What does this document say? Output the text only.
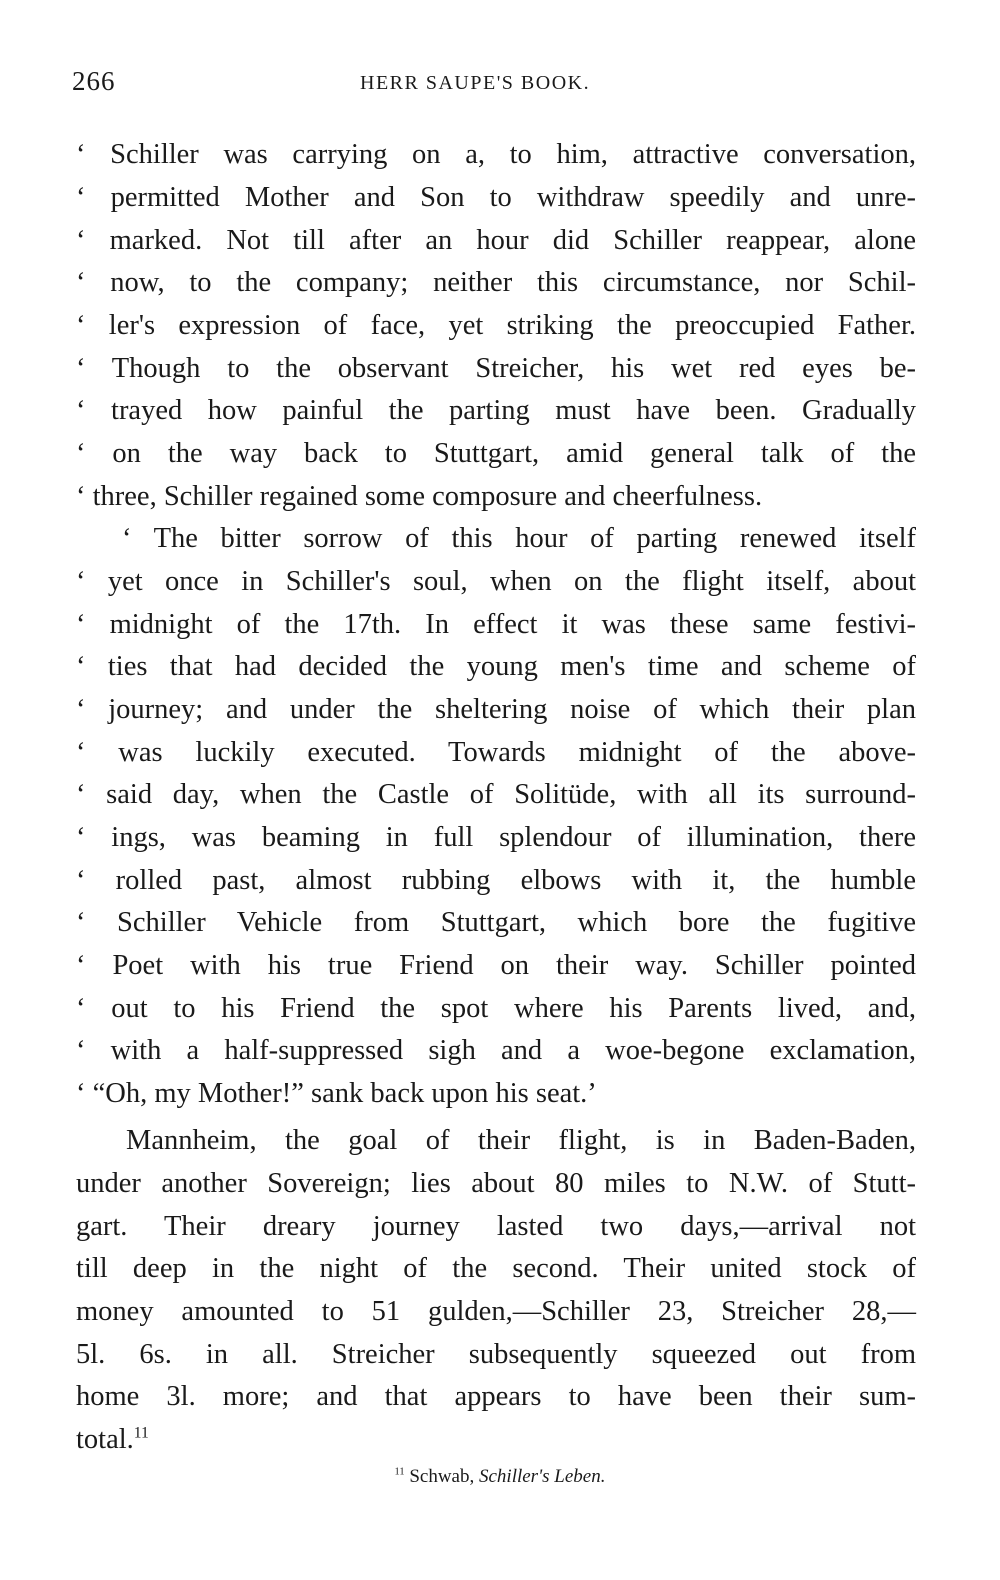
266	HERR SAUPE'S BOOK.
‘ Schiller was carrying on a, to him, attractive conversation,
‘ permitted Mother and Son to withdraw speedily and unre-
‘ marked. Not till after an hour did Schiller reappear, alone
‘ now, to the company; neither this circumstance, nor Schil-
‘ ler's expression of face, yet striking the preoccupied Father.
‘ Though to the observant Streicher, his wet red eyes be-
‘ trayed how painful the parting must have been. Gradually
‘ on the way back to Stuttgart, amid general talk of the
‘ three, Schiller regained some composure and cheerfulness.
‘ The bitter sorrow of this hour of parting renewed itself
‘ yet once in Schiller's soul, when on the flight itself, about
‘ midnight of the 17th. In effect it was these same festivi-
‘ ties that had decided the young men's time and scheme of
‘ journey; and under the sheltering noise of which their plan
‘ was luckily executed. Towards midnight of the above-
‘ said day, when the Castle of Solitüde, with all its surround-
‘ ings, was beaming in full splendour of illumination, there
‘ rolled past, almost rubbing elbows with it, the humble
‘ Schiller Vehicle from Stuttgart, which bore the fugitive
‘ Poet with his true Friend on their way. Schiller pointed
‘ out to his Friend the spot where his Parents lived, and,
‘ with a half-suppressed sigh and a woe-begone exclamation,
‘ “Oh, my Mother!” sank back upon his seat.’
Mannheim, the goal of their flight, is in Baden-Baden,
under another Sovereign; lies about 80 miles to N.W. of Stutt-
gart. Their dreary journey lasted two days,—arrival not
till deep in the night of the second. Their united stock of
money amounted to 51 gulden,—Schiller 23, Streicher 28,—
5l. 6s. in all. Streicher subsequently squeezed out from
home 3l. more; and that appears to have been their sum-
total.$^{11}$
$^{11}$ Schwab, Schiller's Leben.
